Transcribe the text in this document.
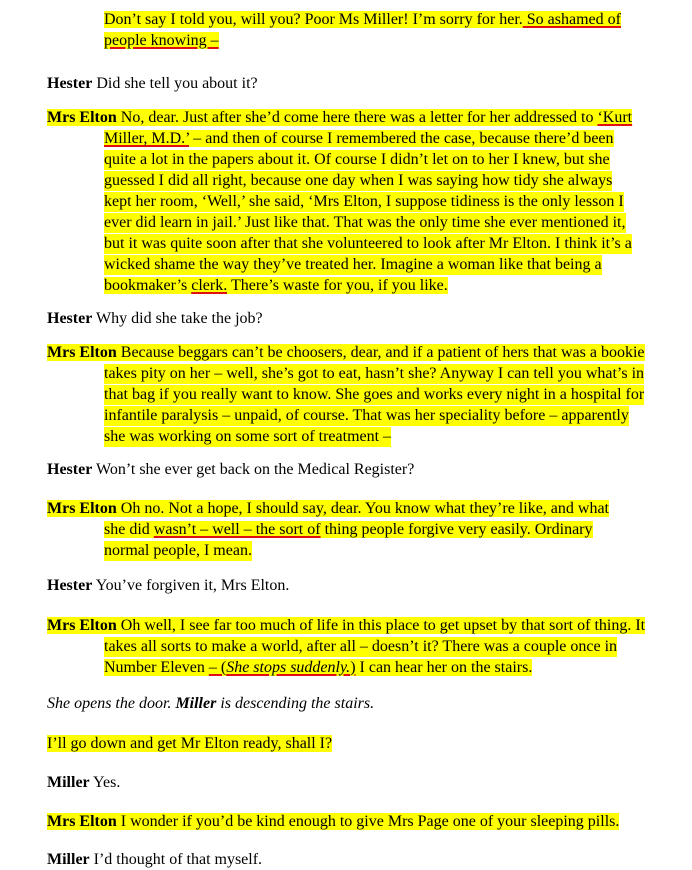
Don’t say I told you, will you? Poor Ms Miller! I’m sorry for her. So ashamed of
people knowing –
Hester Did she tell you about it?
Mrs Elton No, dear. Just after she’d come here there was a letter for her addressed to ‘Kurt
Miller, M.D.’ – and then of course I remembered the case, because there’d been
quite a lot in the papers about it. Of course I didn’t let on to her I knew, but she
guessed I did all right, because one day when I was saying how tidy she always
kept her room, ‘Well,’ she said, ‘Mrs Elton, I suppose tidiness is the only lesson I
ever did learn in jail.’ Just like that. That was the only time she ever mentioned it,
but it was quite soon after that she volunteered to look after Mr Elton. I think it’s a
wicked shame the way they’ve treated her. Imagine a woman like that being a
bookmaker’s clerk. There’s waste for you, if you like.
Hester Why did she take the job?
Mrs Elton Because beggars can’t be choosers, dear, and if a patient of hers that was a bookie
takes pity on her – well, she’s got to eat, hasn’t she? Anyway I can tell you what’s in
that bag if you really want to know. She goes and works every night in a hospital for
infantile paralysis – unpaid, of course. That was her speciality before – apparently
she was working on some sort of treatment –
Hester Won’t she ever get back on the Medical Register?
Mrs Elton Oh no. Not a hope, I should say, dear. You know what they’re like, and what
she did wasn’t – well – the sort of thing people forgive very easily. Ordinary
normal people, I mean.
Hester You’ve forgiven it, Mrs Elton.
Mrs Elton Oh well, I see far too much of life in this place to get upset by that sort of thing. It
takes all sorts to make a world, after all – doesn’t it? There was a couple once in
Number Eleven – (She stops suddenly.) I can hear her on the stairs.
She opens the door. Miller is descending the stairs.
I’ll go down and get Mr Elton ready, shall I?
Miller Yes.
Mrs Elton I wonder if you’d be kind enough to give Mrs Page one of your sleeping pills.
Miller I’d thought of that myself.
